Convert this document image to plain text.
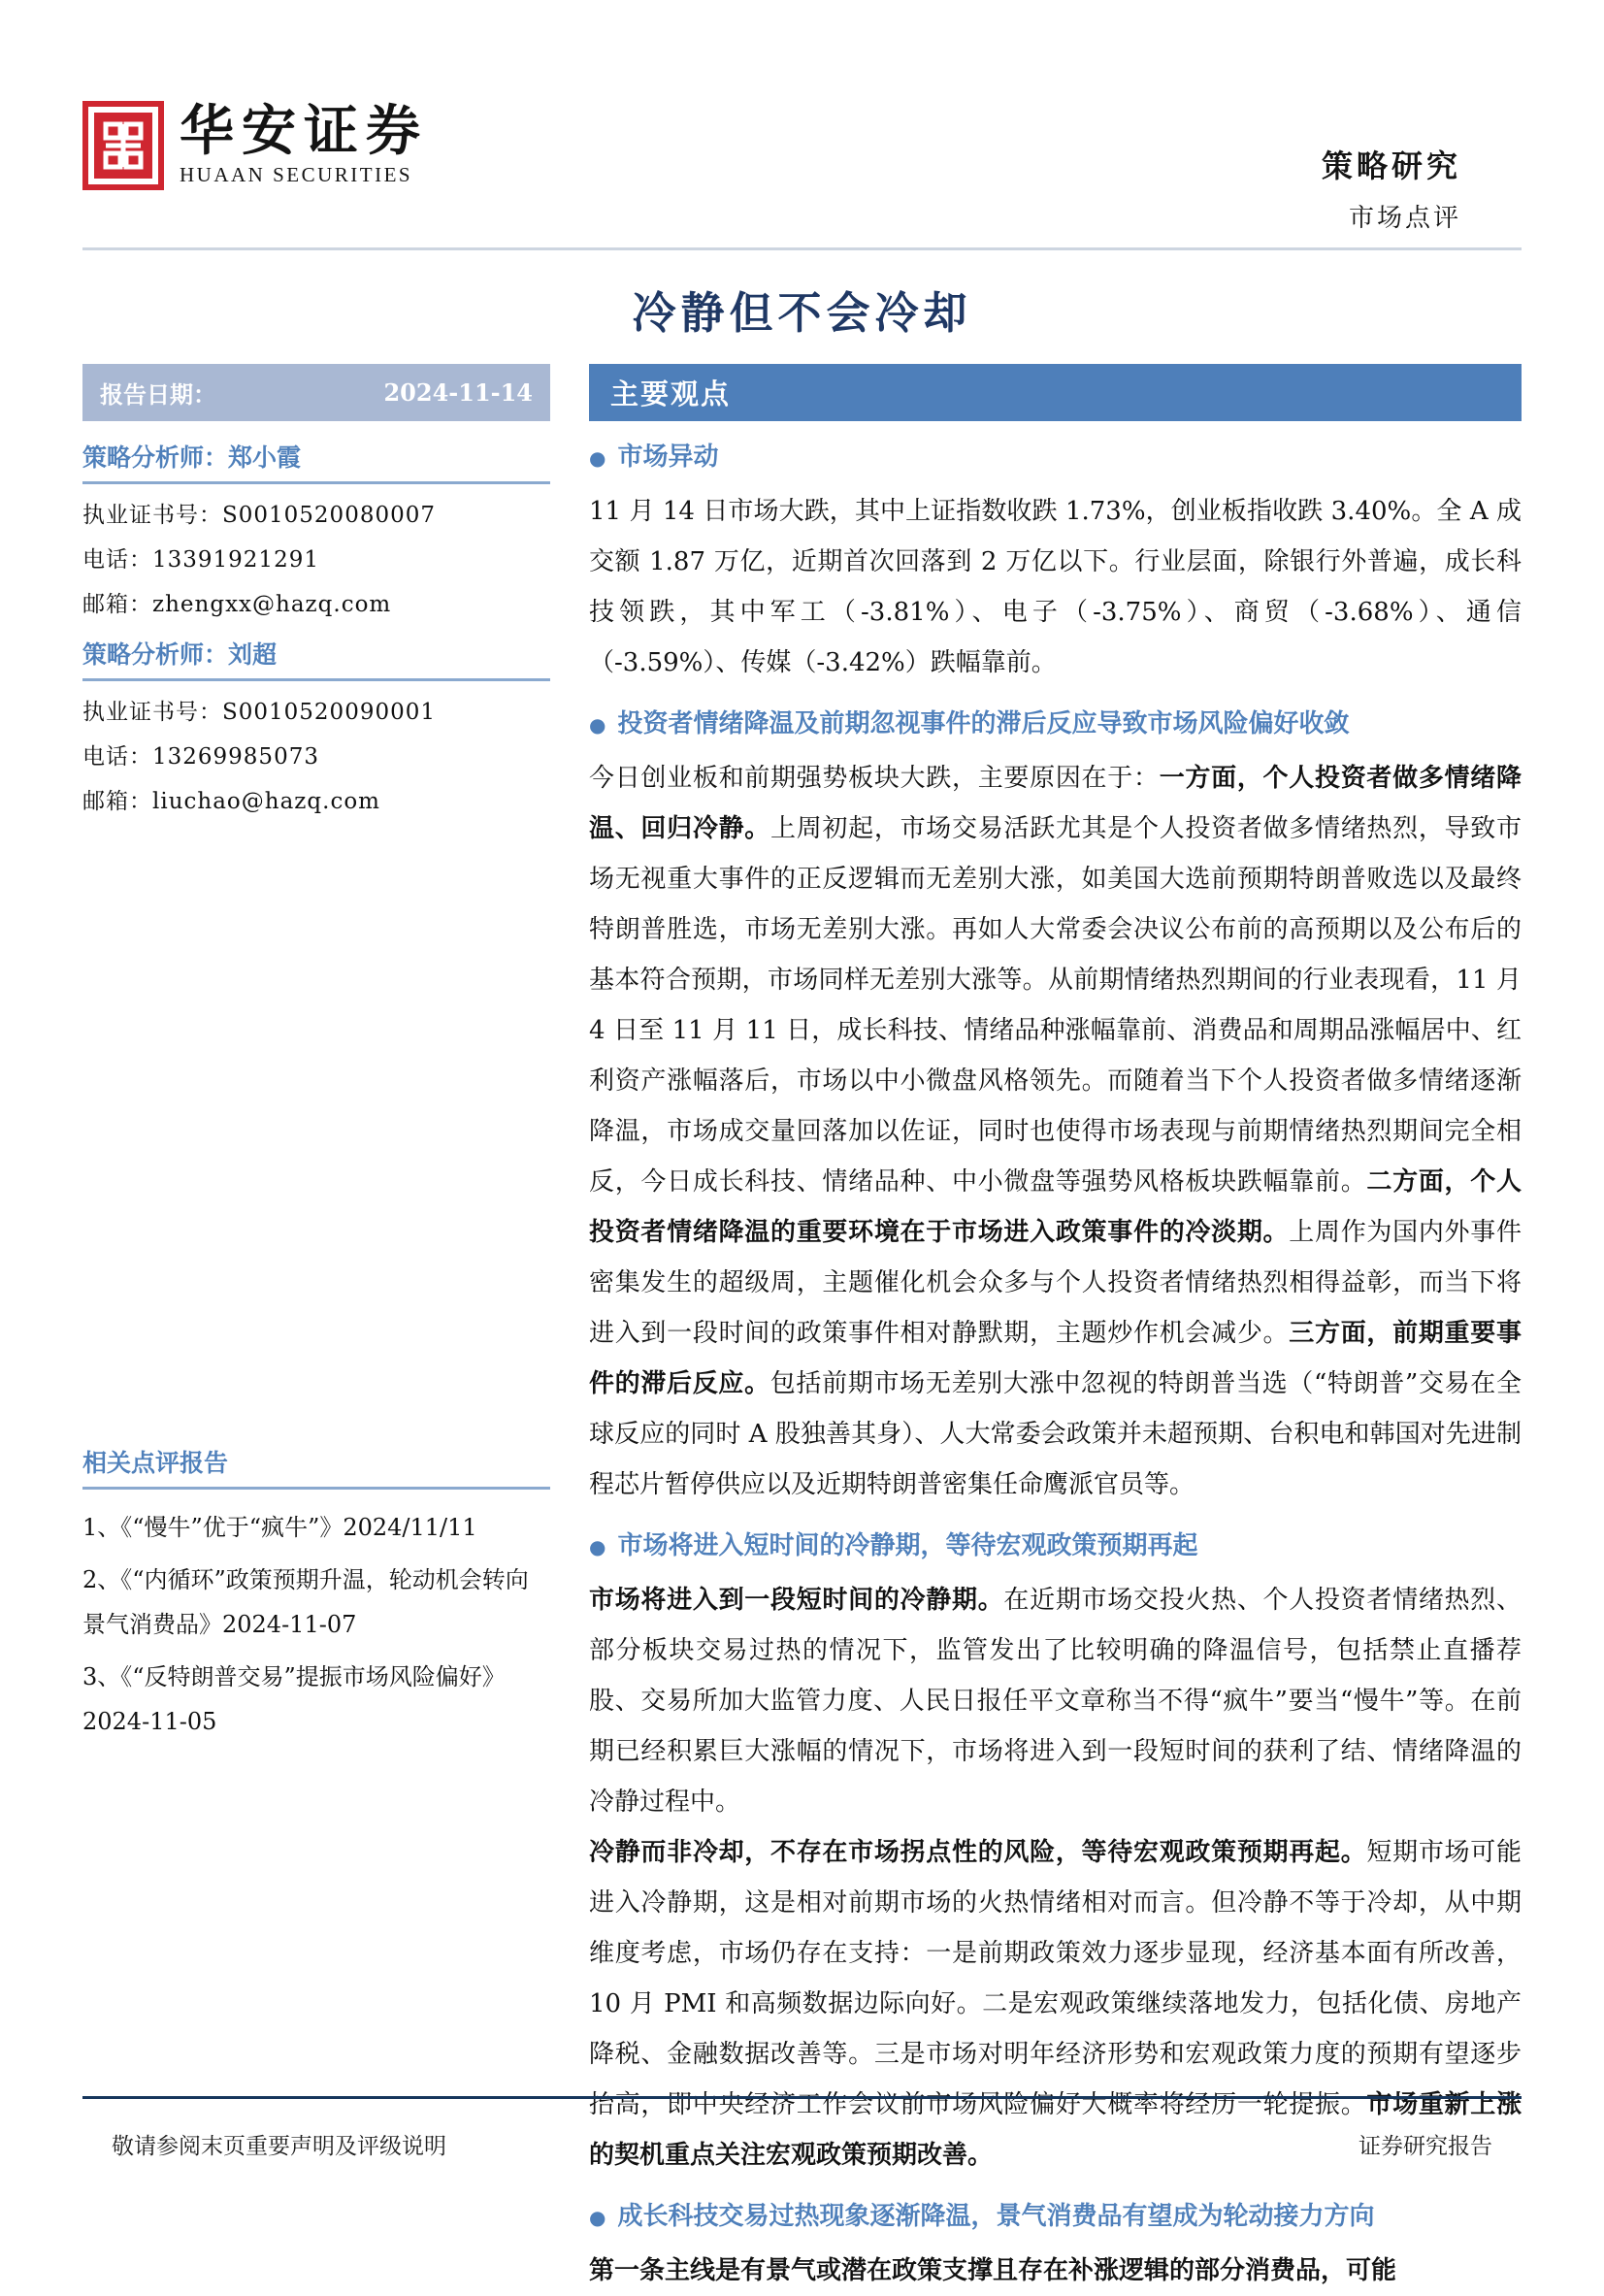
华安证券
HUAAN SECURITIES	策略研究
市场点评
冷静但不会冷却
报告日期：	2024-11-14
策略分析师：郑小霞
执业证书号：S0010520080007
电话：13391921291
邮箱：zhengxx@hazq.com
策略分析师：刘超
执业证书号：S0010520090001
电话：13269985073
邮箱：liuchao@hazq.com
相关点评报告
1、《“慢牛”优于“疯牛”》2024/11/11
2、《“内循环”政策预期升温，轮动机会转向景气消费品》2024-11-07
3、《“反特朗普交易”提振市场风险偏好》2024-11-05
主要观点
● 市场异动
11 月 14 日市场大跌，其中上证指数收跌 1.73%，创业板指收跌 3.40%。全 A 成交额 1.87 万亿，近期首次回落到 2 万亿以下。行业层面，除银行外普遍，成长科技领跌，其中军工（-3.81%）、电子（-3.75%）、商贸（-3.68%）、通信（-3.59%）、传媒（-3.42%）跌幅靠前。
● 投资者情绪降温及前期忽视事件的滞后反应导致市场风险偏好收敛
今日创业板和前期强势板块大跌，主要原因在于：一方面，个人投资者做多情绪降温、回归冷静。上周初起，市场交易活跃尤其是个人投资者做多情绪热烈，导致市场无视重大事件的正反逻辑而无差别大涨，如美国大选前预期特朗普败选以及最终特朗普胜选，市场无差别大涨。再如人大常委会决议公布前的高预期以及公布后的基本符合预期，市场同样无差别大涨等。从前期情绪热烈期间的行业表现看，11 月 4 日至 11 月 11 日，成长科技、情绪品种涨幅靠前、消费品和周期品涨幅居中、红利资产涨幅落后，市场以中小微盘风格领先。而随着当下个人投资者做多情绪逐渐降温，市场成交量回落加以佐证，同时也使得市场表现与前期情绪热烈期间完全相反，今日成长科技、情绪品种、中小微盘等强势风格板块跌幅靠前。二方面，个人投资者情绪降温的重要环境在于市场进入政策事件的冷淡期。上周作为国内外事件密集发生的超级周，主题催化机会众多与个人投资者情绪热烈相得益彰，而当下将进入到一段时间的政策事件相对静默期，主题炒作机会减少。三方面，前期重要事件的滞后反应。包括前期市场无差别大涨中忽视的特朗普当选（“特朗普”交易在全球反应的同时 A 股独善其身）、人大常委会政策并未超预期、台积电和韩国对先进制程芯片暂停供应以及近期特朗普密集任命鹰派官员等。
● 市场将进入短时间的冷静期，等待宏观政策预期再起
市场将进入到一段短时间的冷静期。在近期市场交投火热、个人投资者情绪热烈、部分板块交易过热的情况下，监管发出了比较明确的降温信号，包括禁止直播荐股、交易所加大监管力度、人民日报任平文章称当不得“疯牛”要当“慢牛”等。在前期已经积累巨大涨幅的情况下，市场将进入到一段短时间的获利了结、情绪降温的冷静过程中。
冷静而非冷却，不存在市场拐点性的风险，等待宏观政策预期再起。短期市场可能进入冷静期，这是相对前期市场的火热情绪相对而言。但冷静不等于冷却，从中期维度考虑，市场仍存在支持：一是前期政策效力逐步显现，经济基本面有所改善，10 月 PMI 和高频数据边际向好。二是宏观政策继续落地发力，包括化债、房地产降税、金融数据改善等。三是市场对明年经济形势和宏观政策力度的预期有望逐步抬高，即中央经济工作会议前市场风险偏好大概率将经历一轮提振。市场重新上涨的契机重点关注宏观政策预期改善。
● 成长科技交易过热现象逐渐降温，景气消费品有望成为轮动接力方向
第一条主线是有景气或潜在政策支撑且存在补涨逻辑的部分消费品，可能
敬请参阅末页重要声明及评级说明	证券研究报告
